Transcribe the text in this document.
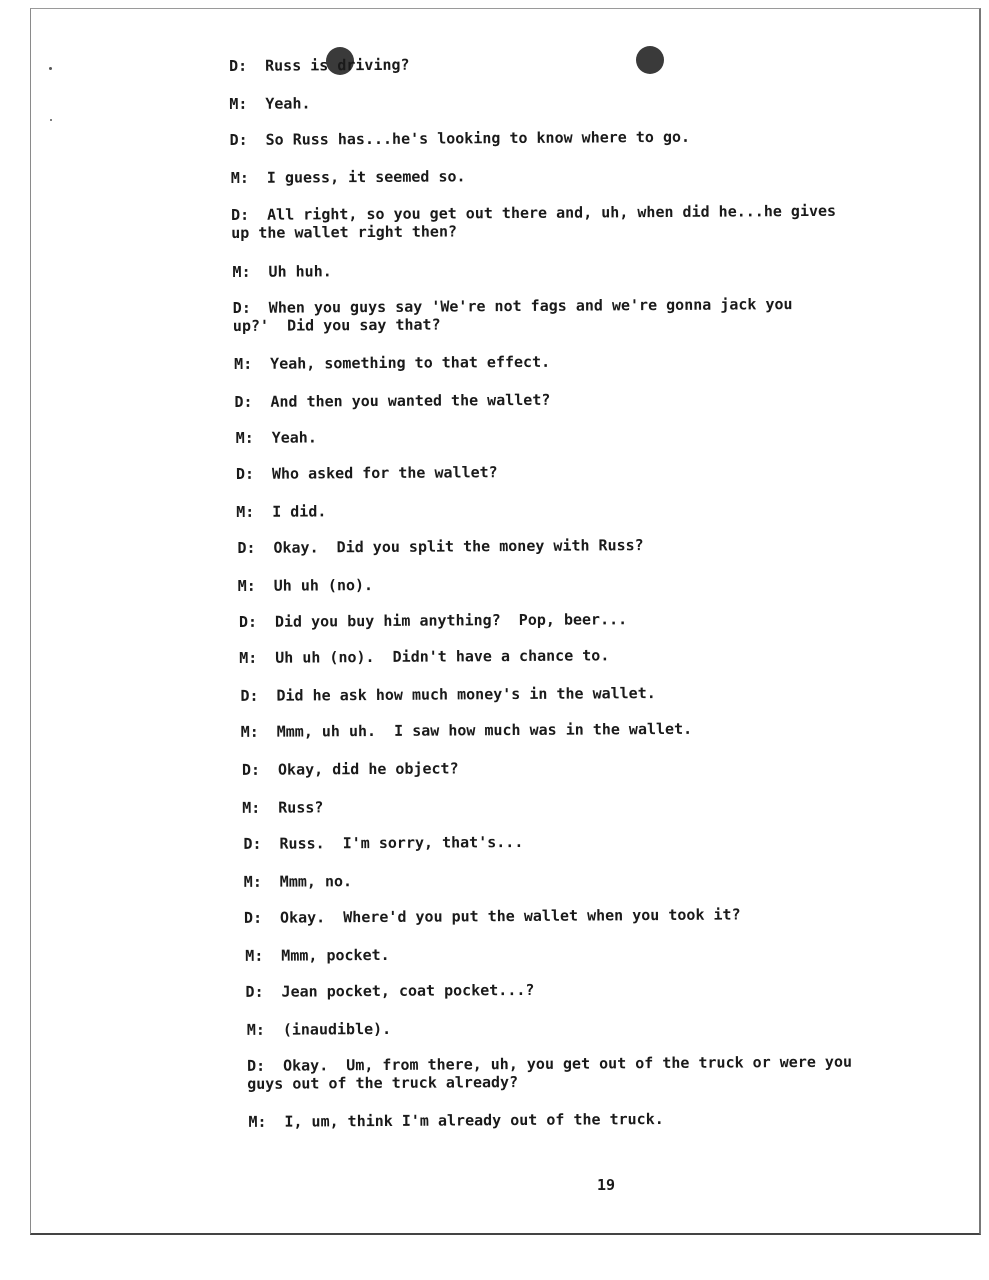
D:	Russ is driving?
M:	Yeah.
D:	So Russ has...he's looking to know where to go.
M:	I guess, it seemed so.
D:	All right, so you get out there and, uh, when did he...he gives
up the wallet right then?
M:	Uh huh.
D:	When you guys say 'We're not fags and we're gonna jack you
up?'  Did you say that?
M:	Yeah, something to that effect.
D:	And then you wanted the wallet?
M:	Yeah.
D:	Who asked for the wallet?
M:	I did.
D:	Okay.  Did you split the money with Russ?
M:	Uh uh (no).
D:	Did you buy him anything?  Pop, beer...
M:	Uh uh (no).  Didn't have a chance to.
D:	Did he ask how much money's in the wallet.
M:	Mmm, uh uh.  I saw how much was in the wallet.
D:	Okay, did he object?
M:	Russ?
D:	Russ.  I'm sorry, that's...
M:	Mmm, no.
D:	Okay.  Where'd you put the wallet when you took it?
M:	Mmm, pocket.
D:	Jean pocket, coat pocket...?
M:	(inaudible).
D:	Okay.  Um, from there, uh, you get out of the truck or were you
guys out of the truck already?
M:	I, um, think I'm already out of the truck.
19
